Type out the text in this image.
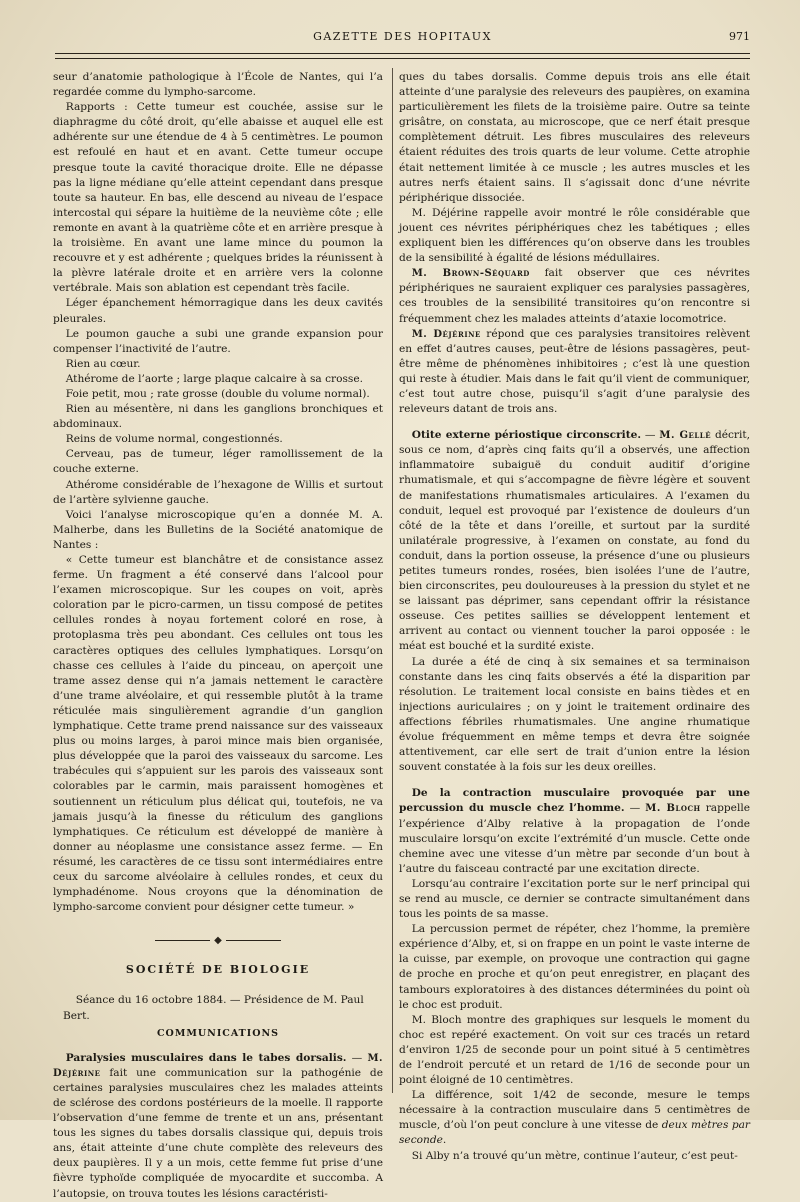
GAZETTE DES HOPITAUX	971

seur d’anatomie pathologique à l’École de Nantes, qui l’a regardée comme du lympho-sarcome.

Rapports : Cette tumeur est couchée, assise sur le diaphragme du côté droit, qu’elle abaisse et auquel elle est adhérente sur une étendue de 4 à 5 centimètres. Le poumon est refoulé en haut et en avant. Cette tumeur occupe presque toute la cavité thoracique droite. Elle ne dépasse pas la ligne médiane qu’elle atteint cependant dans presque toute sa hauteur. En bas, elle descend au niveau de l’espace intercostal qui sépare la huitième de la neuvième côte ; elle remonte en avant à la quatrième côte et en arrière presque à la troisième. En avant une lame mince du poumon la recouvre et y est adhérente ; quelques brides la réunissent à la plèvre latérale droite et en arrière vers la colonne vertébrale. Mais son ablation est cependant très facile.

Léger épanchement hémorragique dans les deux cavités pleurales.

Le poumon gauche a subi une grande expansion pour compenser l’inactivité de l’autre.

Rien au cœur.

Athérome de l’aorte ; large plaque calcaire à sa crosse.

Foie petit, mou ; rate grosse (double du volume normal).

Rien au mésentère, ni dans les ganglions bronchiques et abdominaux.

Reins de volume normal, congestionnés.

Cerveau, pas de tumeur, léger ramollissement de la couche externe.

Athérome considérable de l’hexagone de Willis et surtout de l’artère sylvienne gauche.

Voici l’analyse microscopique qu’en a donnée M. A. Malherbe, dans les Bulletins de la Société anatomique de Nantes :

« Cette tumeur est blanchâtre et de consistance assez ferme. Un fragment a été conservé dans l’alcool pour l’examen microscopique. Sur les coupes on voit, après coloration par le picro-carmen, un tissu composé de petites cellules rondes à noyau fortement coloré en rose, à protoplasma très peu abondant. Ces cellules ont tous les caractères optiques des cellules lymphatiques. Lorsqu’on chasse ces cellules à l’aide du pinceau, on aperçoit une trame assez dense qui n’a jamais nettement le caractère d’une trame alvéolaire, et qui ressemble plutôt à la trame réticulée mais singulièrement agrandie d’un ganglion lymphatique. Cette trame prend naissance sur des vaisseaux plus ou moins larges, à paroi mince mais bien organisée, plus développée que la paroi des vaisseaux du sarcome. Les trabécules qui s’appuient sur les parois des vaisseaux sont colorables par le carmin, mais paraissent homogènes et soutiennent un réticulum plus délicat qui, toutefois, ne va jamais jusqu’à la finesse du réticulum des ganglions lymphatiques. Ce réticulum est développé de manière à donner au néoplasme une consistance assez ferme. — En résumé, les caractères de ce tissu sont intermédiaires entre ceux du sarcome alvéolaire à cellules rondes, et ceux du lymphadénome. Nous croyons que la dénomination de lympho-sarcome convient pour désigner cette tumeur. »

◆
SOCIÉTÉ DE BIOLOGIE

Séance du 16 octobre 1884. — Présidence de M. Paul Bert.

COMMUNICATIONS

Paralysies musculaires dans le tabes dorsalis. — M. Déjérine fait une communication sur la pathogénie de certaines paralysies musculaires chez les malades atteints de sclérose des cordons postérieurs de la moelle. Il rapporte l’observation d’une femme de trente et un ans, présentant tous les signes du tabes dorsalis classique qui, depuis trois ans, était atteinte d’une chute complète des releveurs des deux paupières. Il y a un mois, cette femme fut prise d’une fièvre typhoïde compliquée de myocardite et succomba. A l’autopsie, on trouva toutes les lésions caractéristi-

ques du tabes dorsalis. Comme depuis trois ans elle était atteinte d’une paralysie des releveurs des paupières, on examina particulièrement les filets de la troisième paire. Outre sa teinte grisâtre, on constata, au microscope, que ce nerf était presque complètement détruit. Les fibres musculaires des releveurs étaient réduites des trois quarts de leur volume. Cette atrophie était nettement limitée à ce muscle ; les autres muscles et les autres nerfs étaient sains. Il s’agissait donc d’une névrite périphérique dissociée.

M. Déjérine rappelle avoir montré le rôle considérable que jouent ces névrites périphériques chez les tabétiques ; elles expliquent bien les différences qu’on observe dans les troubles de la sensibilité à égalité de lésions médullaires.

M. Brown-Séquard fait observer que ces névrites périphériques ne sauraient expliquer ces paralysies passagères, ces troubles de la sensibilité transitoires qu’on rencontre si fréquemment chez les malades atteints d’ataxie locomotrice.

M. Déjérine répond que ces paralysies transitoires relèvent en effet d’autres causes, peut-être de lésions passagères, peut-être même de phénomènes inhibitoires ; c’est là une question qui reste à étudier. Mais dans le fait qu’il vient de communiquer, c’est tout autre chose, puisqu’il s’agit d’une paralysie des releveurs datant de trois ans.

Otite externe périostique circonscrite. — M. Gellé décrit, sous ce nom, d’après cinq faits qu’il a observés, une affection inflammatoire subaiguë du conduit auditif d’origine rhumatismale, et qui s’accompagne de fièvre légère et souvent de manifestations rhumatismales articulaires. A l’examen du conduit, lequel est provoqué par l’existence de douleurs d’un côté de la tête et dans l’oreille, et surtout par la surdité unilatérale progressive, à l’examen on constate, au fond du conduit, dans la portion osseuse, la présence d’une ou plusieurs petites tumeurs rondes, rosées, bien isolées l’une de l’autre, bien circonscrites, peu douloureuses à la pression du stylet et ne se laissant pas déprimer, sans cependant offrir la résistance osseuse. Ces petites saillies se développent lentement et arrivent au contact ou viennent toucher la paroi opposée : le méat est bouché et la surdité existe.

La durée a été de cinq à six semaines et sa terminaison constante dans les cinq faits observés a été la disparition par résolution. Le traitement local consiste en bains tièdes et en injections auriculaires ; on y joint le traitement ordinaire des affections fébriles rhumatismales. Une angine rhumatique évolue fréquemment en même temps et devra être soignée attentivement, car elle sert de trait d’union entre la lésion souvent constatée à la fois sur les deux oreilles.

De la contraction musculaire provoquée par une percussion du muscle chez l’homme. — M. Bloch rappelle l’expérience d’Alby relative à la propagation de l’onde musculaire lorsqu’on excite l’extrémité d’un muscle. Cette onde chemine avec une vitesse d’un mètre par seconde d’un bout à l’autre du faisceau contracté par une excitation directe.

Lorsqu’au contraire l’excitation porte sur le nerf principal qui se rend au muscle, ce dernier se contracte simultanément dans tous les points de sa masse.

La percussion permet de répéter, chez l’homme, la première expérience d’Alby, et, si on frappe en un point le vaste interne de la cuisse, par exemple, on provoque une contraction qui gagne de proche en proche et qu’on peut enregistrer, en plaçant des tambours exploratoires à des distances déterminées du point où le choc est produit.

M. Bloch montre des graphiques sur lesquels le moment du choc est repéré exactement. On voit sur ces tracés un retard d’environ 1/25 de seconde pour un point situé à 5 centimètres de l’endroit percuté et un retard de 1/16 de seconde pour un point éloigné de 10 centimètres.

La différence, soit 1/42 de seconde, mesure le temps nécessaire à la contraction musculaire dans 5 centimètres de muscle, d’où l’on peut conclure à une vitesse de deux mètres par seconde.

Si Alby n’a trouvé qu’un mètre, continue l’auteur, c’est peut-
